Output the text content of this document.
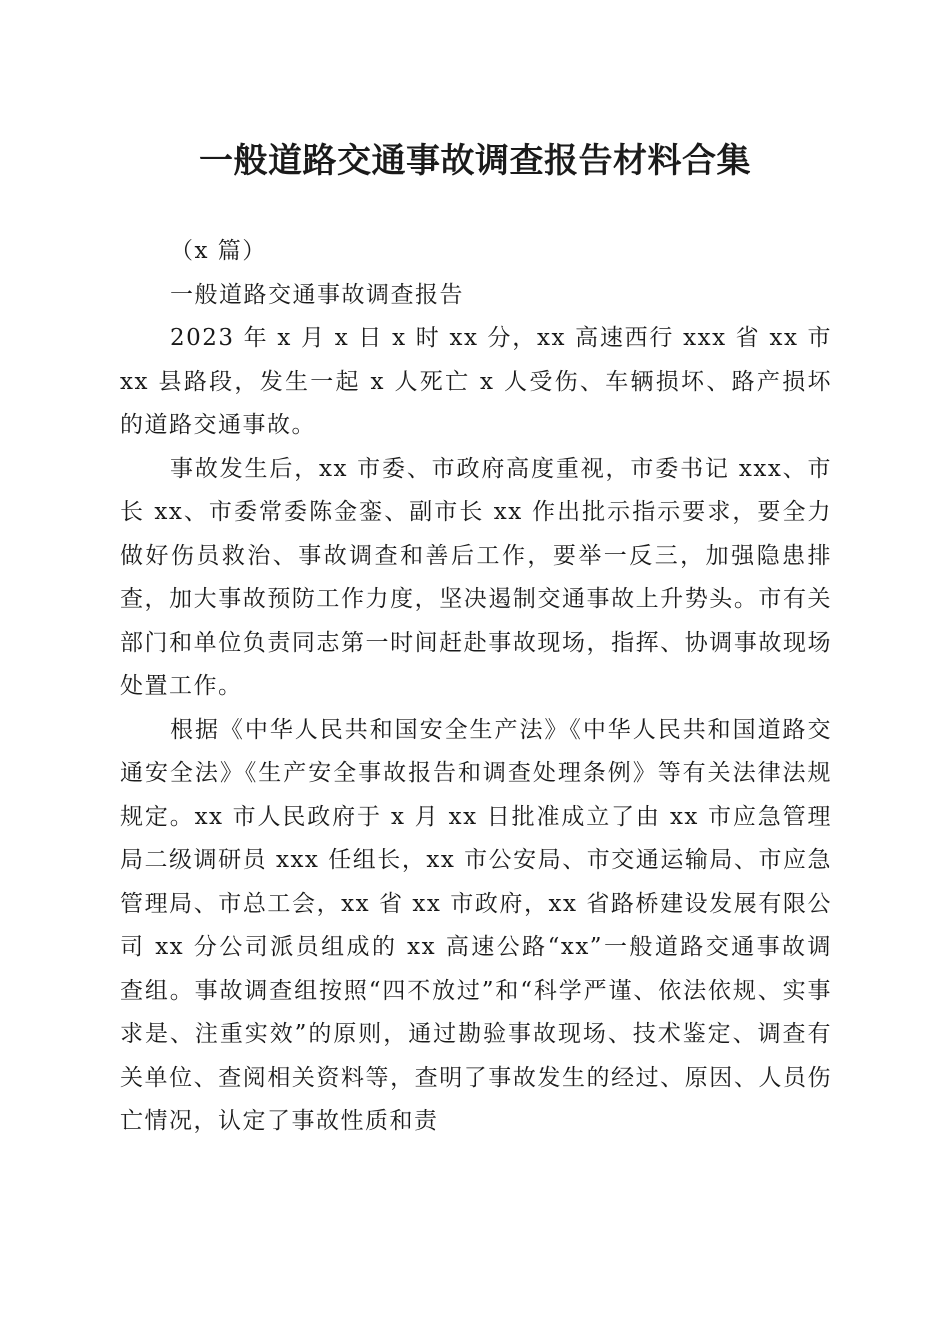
一般道路交通事故调查报告材料合集

（x 篇）

一般道路交通事故调查报告

2023 年 x 月 x 日 x 时 xx 分，xx 高速西行 xxx 省 xx 市 xx 县路段，发生一起 x 人死亡 x 人受伤、车辆损坏、路产损坏的道路交通事故。

事故发生后，xx 市委、市政府高度重视，市委书记 xxx、市长 xx、市委常委陈金銮、副市长 xx 作出批示指示要求，要全力做好伤员救治、事故调查和善后工作，要举一反三，加强隐患排查，加大事故预防工作力度，坚决遏制交通事故上升势头。市有关部门和单位负责同志第一时间赶赴事故现场，指挥、协调事故现场处置工作。

根据《中华人民共和国安全生产法》《中华人民共和国道路交通安全法》《生产安全事故报告和调查处理条例》等有关法律法规规定。xx 市人民政府于 x 月 xx 日批准成立了由 xx 市应急管理局二级调研员 xxx 任组长，xx 市公安局、市交通运输局、市应急管理局、市总工会，xx 省 xx 市政府，xx 省路桥建设发展有限公司 xx 分公司派员组成的 xx 高速公路“xx”一般道路交通事故调查组。事故调查组按照“四不放过”和“科学严谨、依法依规、实事求是、注重实效”的原则，通过勘验事故现场、技术鉴定、调查有关单位、查阅相关资料等，查明了事故发生的经过、原因、人员伤亡情况，认定了事故性质和责
